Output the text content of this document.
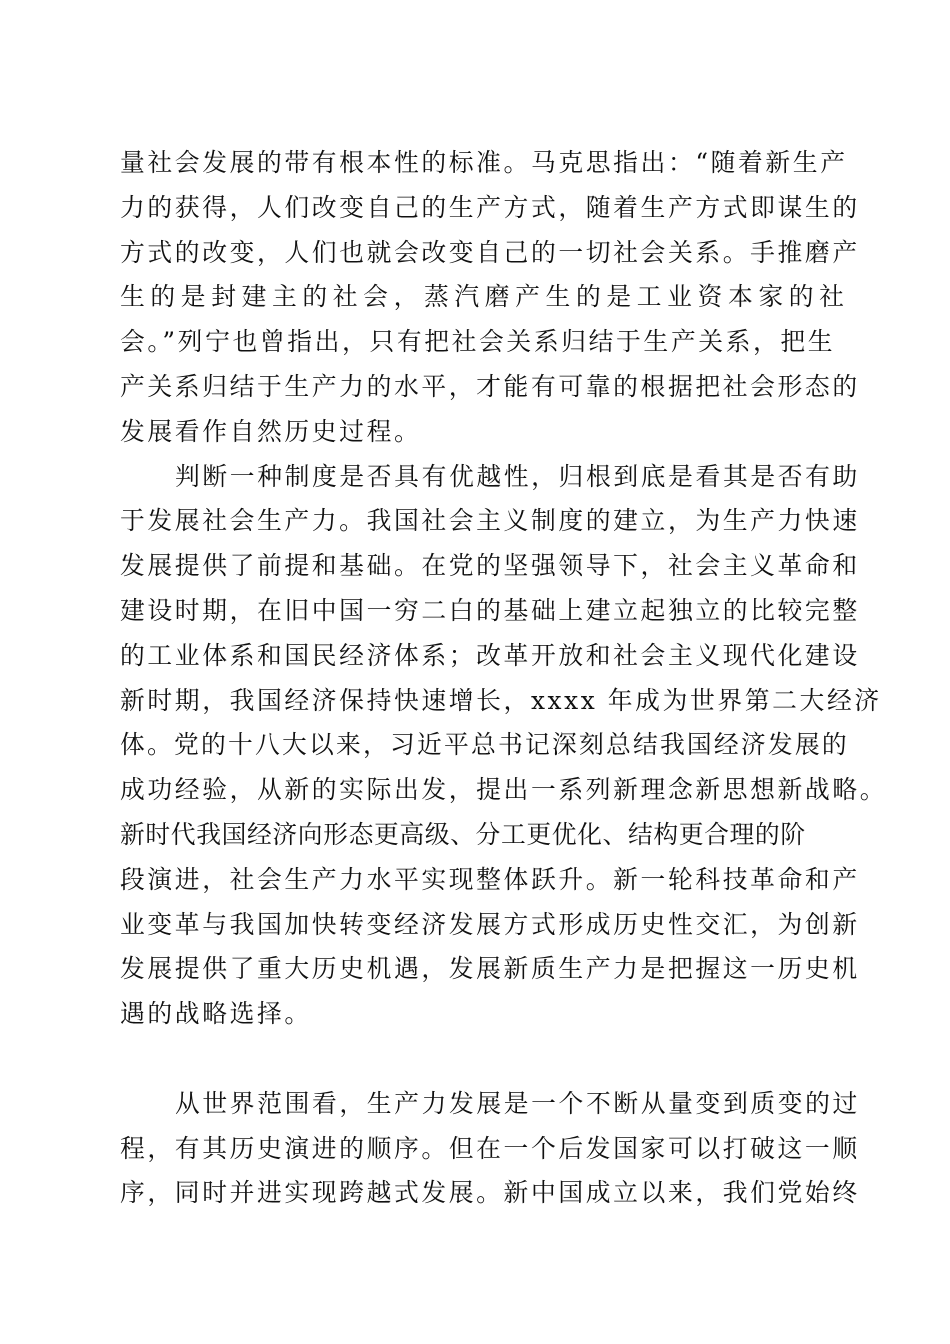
量社会发展的带有根本性的标准。马克思指出：“随着新生产
力的获得，人们改变自己的生产方式，随着生产方式即谋生的
方式的改变，人们也就会改变自己的一切社会关系。手推磨产
生的是封建主的社会，蒸汽磨产生的是工业资本家的社
会。”列宁也曾指出，只有把社会关系归结于生产关系，把生
产关系归结于生产力的水平，才能有可靠的根据把社会形态的
发展看作自然历史过程。
判断一种制度是否具有优越性，归根到底是看其是否有助
于发展社会生产力。我国社会主义制度的建立，为生产力快速
发展提供了前提和基础。在党的坚强领导下，社会主义革命和
建设时期，在旧中国一穷二白的基础上建立起独立的比较完整
的工业体系和国民经济体系；改革开放和社会主义现代化建设
新时期，我国经济保持快速增长，xxxx 年成为世界第二大经济
体。党的十八大以来，习近平总书记深刻总结我国经济发展的
成功经验，从新的实际出发，提出一系列新理念新思想新战略。
新时代我国经济向形态更高级、分工更优化、结构更合理的阶
段演进，社会生产力水平实现整体跃升。新一轮科技革命和产
业变革与我国加快转变经济发展方式形成历史性交汇，为创新
发展提供了重大历史机遇，发展新质生产力是把握这一历史机
遇的战略选择。
从世界范围看，生产力发展是一个不断从量变到质变的过
程，有其历史演进的顺序。但在一个后发国家可以打破这一顺
序，同时并进实现跨越式发展。新中国成立以来，我们党始终
